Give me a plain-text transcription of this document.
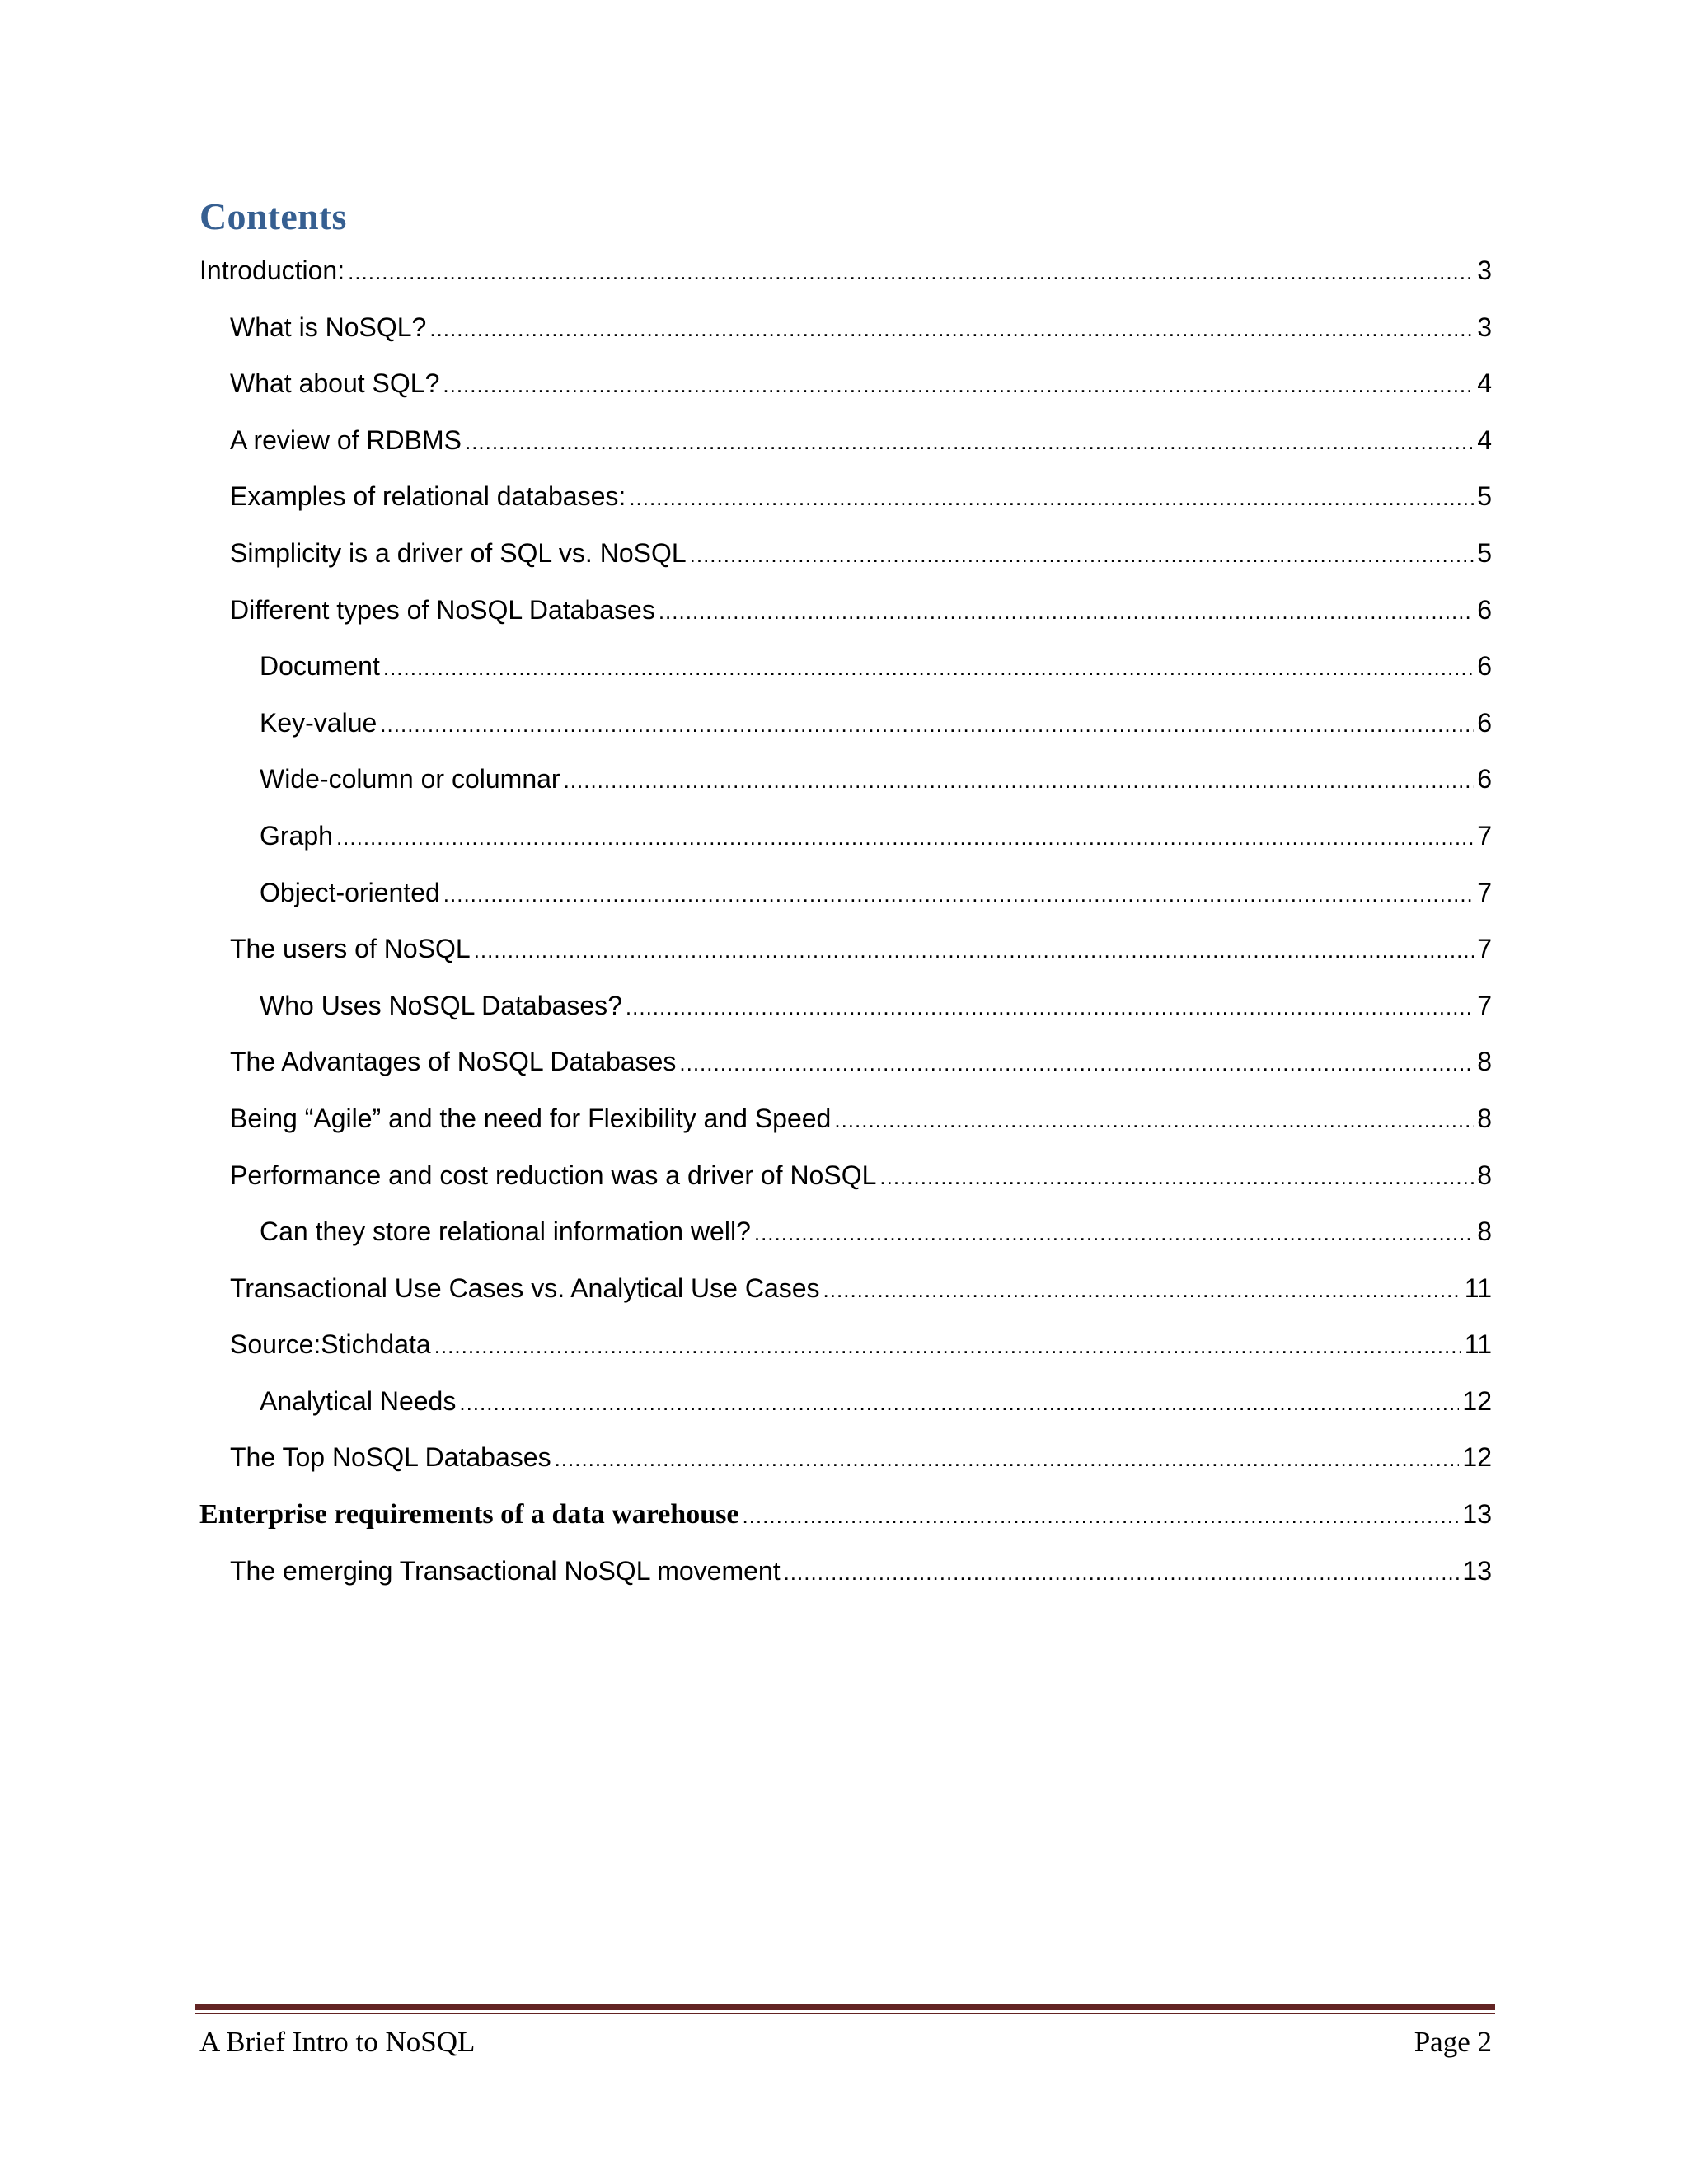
Contents
Introduction: .....	3
What is NoSQL? .....	3
What about SQL? .....	4
A review of RDBMS .....	4
Examples of relational databases: .....	5
Simplicity is a driver of SQL vs. NoSQL .....	5
Different types of NoSQL Databases .....	6
Document .....	6
Key-value .....	6
Wide-column or columnar .....	6
Graph .....	7
Object-oriented .....	7
The users of NoSQL .....	7
Who Uses NoSQL Databases? .....	7
The Advantages of NoSQL Databases .....	8
Being “Agile” and the need for Flexibility and Speed .....	8
Performance and cost reduction was a driver of NoSQL .....	8
Can they store relational information well? .....	8
Transactional Use Cases vs. Analytical Use Cases .....	11
Source:Stichdata .....	11
Analytical Needs .....	12
The Top NoSQL Databases .....	12
Enterprise requirements of a data warehouse .....	13
The emerging Transactional NoSQL movement .....	13
A Brief Intro to NoSQL	Page 2
